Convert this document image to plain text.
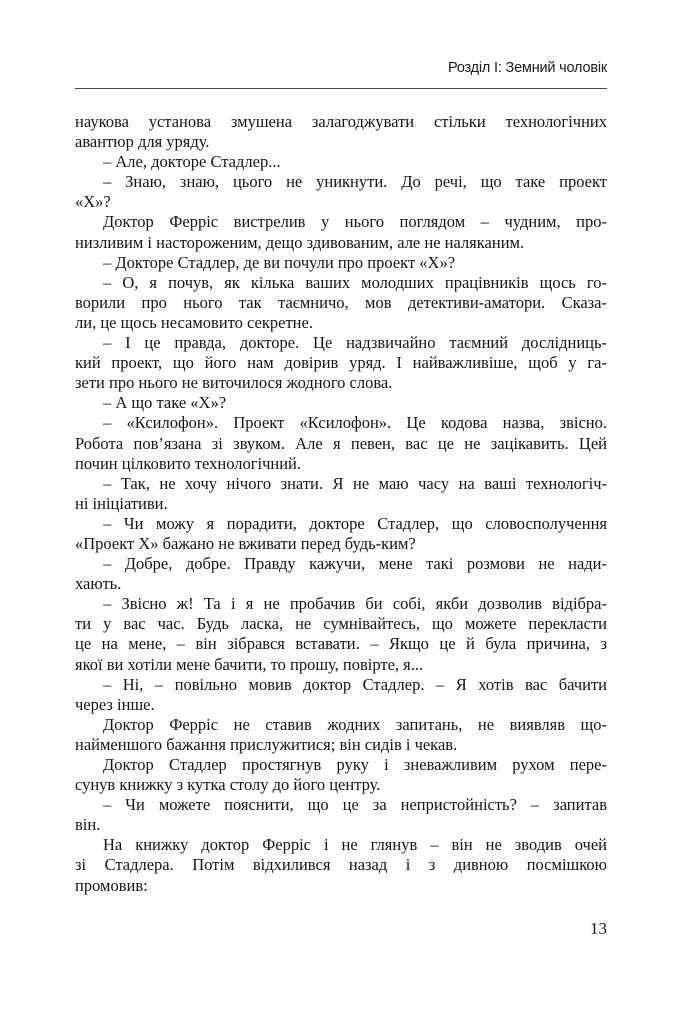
Розділ I: Земний чоловік
наукова установа змушена залагоджувати стільки технологічних
авантюр для уряду.
– Але, докторе Стадлер...
– Знаю, знаю, цього не уникнути. До речі, що таке проект
«Х»?
Доктор Ферріс вистрелив у нього поглядом – чудним, про-
низливим і настороженим, дещо здивованим, але не наляканим.
– Докторе Стадлер, де ви почули про проект «Х»?
– О, я почув, як кілька ваших молодших працівників щось го-
ворили про нього так таємничо, мов детективи-аматори. Сказа-
ли, це щось несамовито секретне.
– І це правда, докторе. Це надзвичайно таємний дослідниць-
кий проект, що його нам довірив уряд. І найважливіше, щоб у га-
зети про нього не виточилося жодного слова.
– А що таке «Х»?
– «Ксилофон». Проект «Ксилофон». Це кодова назва, звісно.
Робота пов’язана зі звуком. Але я певен, вас це не зацікавить. Цей
почин цілковито технологічний.
– Так, не хочу нічого знати. Я не маю часу на ваші технологіч-
ні ініціативи.
– Чи можу я порадити, докторе Стадлер, що словосполучення
«Проект Х» бажано не вживати перед будь-ким?
– Добре, добре. Правду кажучи, мене такі розмови не нади-
хають.
– Звісно ж! Та і я не пробачив би собі, якби дозволив відібра-
ти у вас час. Будь ласка, не сумнівайтесь, що можете перекласти
це на мене, – він зібрався вставати. – Якщо це й була причина, з
якої ви хотіли мене бачити, то прошу, повірте, я...
– Ні, – повільно мовив доктор Стадлер. – Я хотів вас бачити
через інше.
Доктор Ферріс не ставив жодних запитань, не виявляв що-
найменшого бажання прислужитися; він сидів і чекав.
Доктор Стадлер простягнув руку і зневажливим рухом пере-
сунув книжку з кутка столу до його центру.
– Чи можете пояснити, що це за непристойність? – запитав
він.
На книжку доктор Ферріс і не глянув – він не зводив очей
зі Стадлера. Потім відхилився назад і з дивною посмішкою
промовив:
13
